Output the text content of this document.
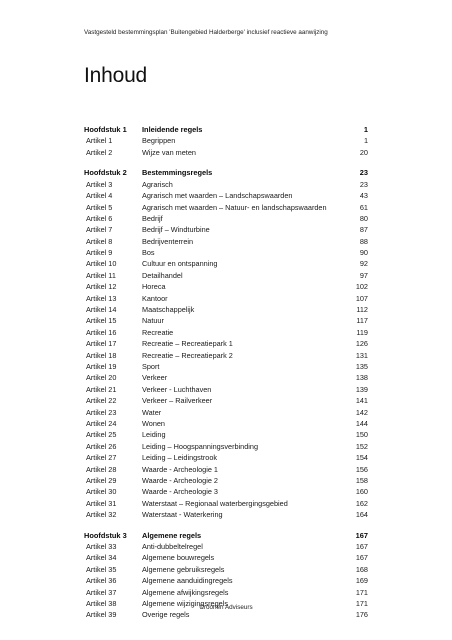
Vastgesteld bestemmingsplan 'Buitengebied Halderberge' inclusief reactieve aanwijzing
Inhoud
Hoofdstuk 1	Inleidende regels	1
Artikel 1	Begrippen	1
Artikel 2	Wijze van meten	20
Hoofdstuk 2	Bestemmingsregels	23
Artikel 3	Agrarisch	23
Artikel 4	Agrarisch met waarden – Landschapswaarden	43
Artikel 5	Agrarisch met waarden – Natuur- en landschapswaarden	61
Artikel 6	Bedrijf	80
Artikel 7	Bedrijf – Windturbine	87
Artikel 8	Bedrijventerrein	88
Artikel 9	Bos	90
Artikel 10	Cultuur en ontspanning	92
Artikel 11	Detailhandel	97
Artikel 12	Horeca	102
Artikel 13	Kantoor	107
Artikel 14	Maatschappelijk	112
Artikel 15	Natuur	117
Artikel 16	Recreatie	119
Artikel 17	Recreatie – Recreatiepark 1	126
Artikel 18	Recreatie – Recreatiepark 2	131
Artikel 19	Sport	135
Artikel 20	Verkeer	138
Artikel 21	Verkeer - Luchthaven	139
Artikel 22	Verkeer – Railverkeer	141
Artikel 23	Water	142
Artikel 24	Wonen	144
Artikel 25	Leiding	150
Artikel 26	Leiding – Hoogspanningsverbinding	152
Artikel 27	Leiding – Leidingstrook	154
Artikel 28	Waarde - Archeologie 1	156
Artikel 29	Waarde - Archeologie 2	158
Artikel 30	Waarde - Archeologie 3	160
Artikel 31	Waterstaat – Regionaal waterbergingsgebied	162
Artikel 32	Waterstaat - Waterkering	164
Hoofdstuk 3	Algemene regels	167
Artikel 33	Anti-dubbeltelregel	167
Artikel 34	Algemene bouwregels	167
Artikel 35	Algemene gebruiksregels	168
Artikel 36	Algemene aanduidingregels	169
Artikel 37	Algemene afwijkingsregels	171
Artikel 38	Algemene wijzigingsregels	171
Artikel 39	Overige regels	176
Croonen Adviseurs
